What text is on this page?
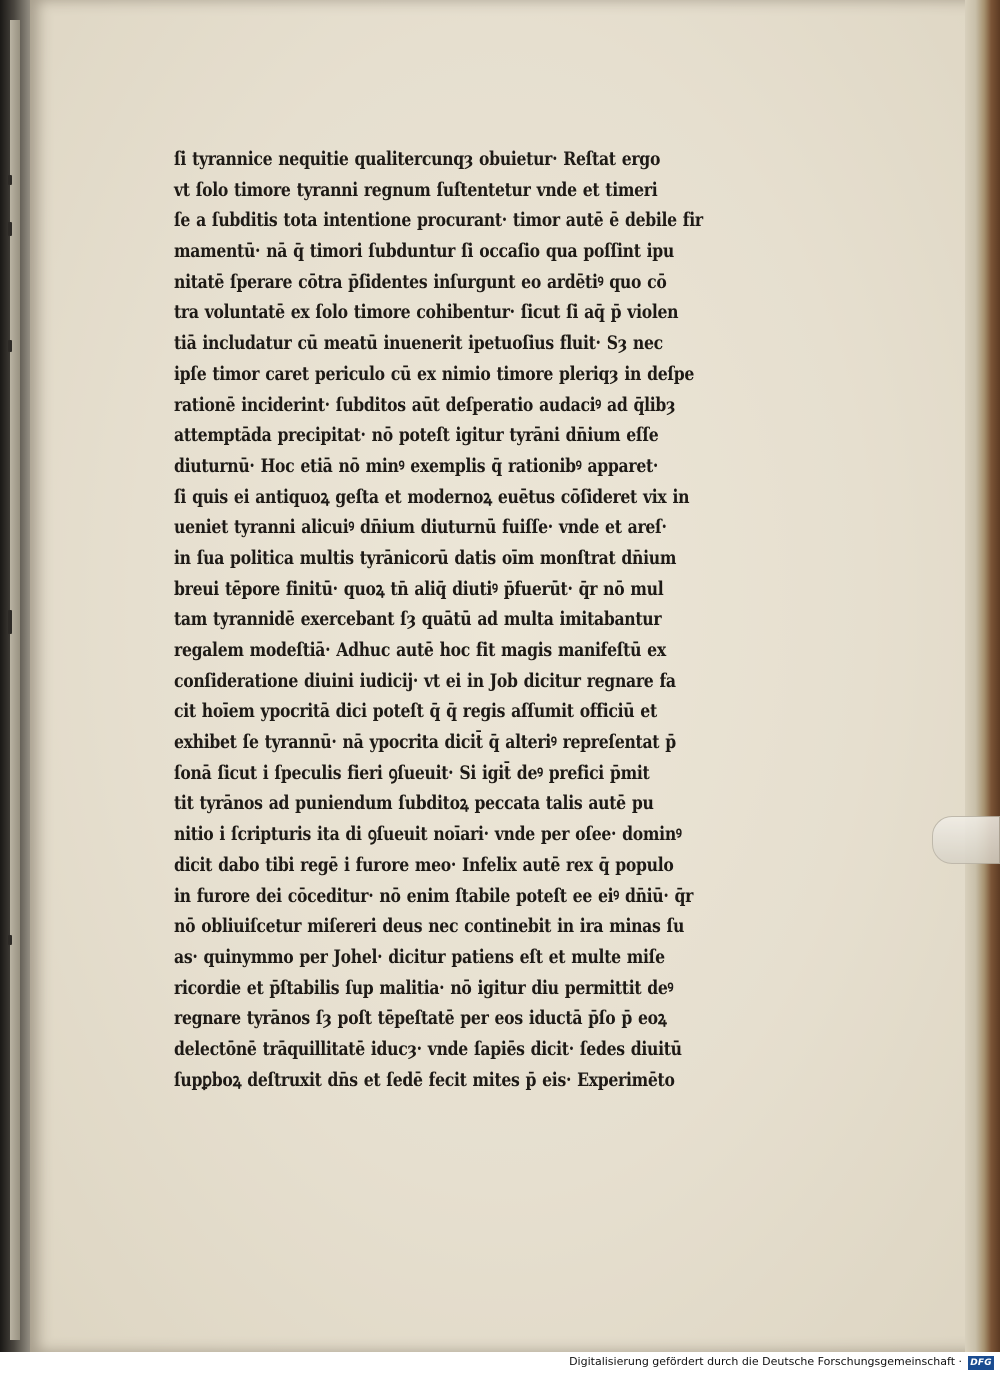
ſi tyrannice nequitie qualitercunqȝ obuietur· Reſtat ergo
vt ſolo timore tyranni regnum ſuſtentetur vnde et timeri
ſe a ſubditis tota intentione procurant· timor autē ē debile fir
mamentū· nā q̄ timori ſubduntur ſi occaſio qua poſſint ipu
nitatē ſperare cōtra p̄ſidentes inſurgunt eo ardētiꝰ quo cō
tra voluntatē ex ſolo timore cohibentur· ſicut ſi aq̄ p̄ violen
tiā includatur cū meatū inuenerit ipetuoſius fluit· Sȝ nec
ipſe timor caret periculo cū ex nimio timore pleriqȝ in deſpe
rationē inciderint· ſubditos aūt deſperatio audaciꝰ ad q̄libȝ
attemptāda precipitat· nō poteſt igitur tyrāni dn̄ium eſſe
diuturnū· Hoc etiā nō minꝰ exemplis q̄ rationibꝰ apparet·
ſi quis ei antiquoꝝ geſta et modernoꝝ euētus cōſideret vix in
ueniet tyranni alicuiꝰ dn̄ium diuturnū fuiſſe· vnde et areſ·
in ſua politica multis tyrānicorū datis oīm monſtrat dn̄ium
breui tēpore finitū· quoꝝ tn̄ aliq̄ diutiꝰ p̄fuerūt· q̄r nō mul
tam tyrannidē exercebant ſȝ quātū ad multa imitabantur
regalem modeſtiā· Adhuc autē hoc fit magis manifeſtū ex
conſideratione diuini iudicij· vt ei in Job dicitur regnare fa
cit hoīem ypocritā dici poteſt q̄ q̄ regis aſſumit officiū et
exhibet ſe tyrannū· nā ypocrita dicit̄ q̄ alteriꝰ repreſentat p̄
ſonā ſicut i ſpeculis fieri ꝯſueuit· Si igit̄ deꝰ prefici p̄mit
tit tyrānos ad puniendum ſubditoꝝ peccata talis autē pu
nitio i ſcripturis ita di ꝯſueuit noīari· vnde per oſee· dominꝰ
dicit dabo tibi regē i furore meo· Infelix autē rex q̄ populo
in furore dei cōceditur· nō enim ſtabile poteſt ee eiꝰ dn̄iū· q̄r
nō obliuiſcetur miſereri deus nec continebit in ira minas ſu
as· quinymmo per Johel· dicitur patiens eſt et multe miſe
ricordie et p̄ſtabilis ſup malitia· nō igitur diu permittit deꝰ
regnare tyrānos ſȝ poſt tēpeſtatē per eos iductā p̄ſo p̄ eoꝝ
delectōnē trāquillitatē iducȝ· vnde ſapiēs dicit· ſedes diuitū
ſupꝑboꝝ deſtruxit dn̄s et ſedē fecit mites p̄ eis· Experimēto
Digitalisierung gefördert durch die Deutsche Forschungsgemeinschaft · DFG
